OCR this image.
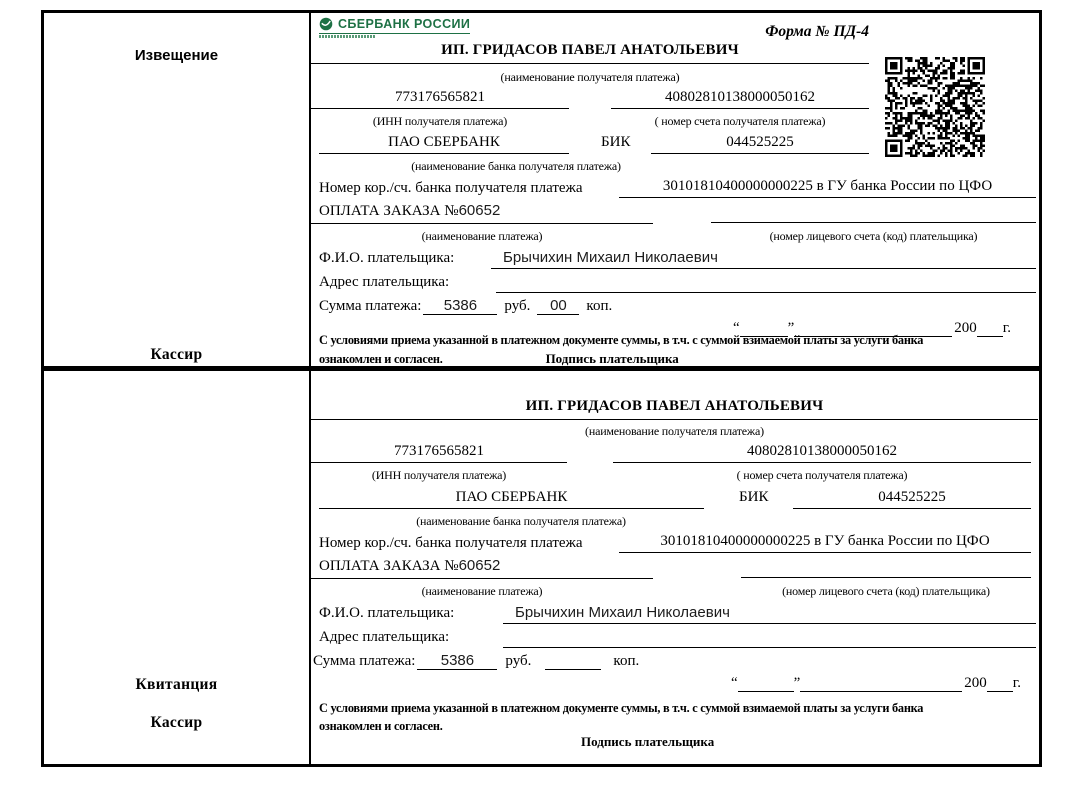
Извещение
Кассир
СБЕРБАНК РОССИИ	Форма № ПД-4
ИП. ГРИДАСОВ ПАВЕЛ АНАТОЛЬЕВИЧ
(наименование получателя платежа)
773176565821	40802810138000050162
(ИНН получателя платежа)	( номер счета получателя платежа)
ПАО СБЕРБАНК	БИК	044525225
(наименование банка получателя платежа)
Номер кор./сч. банка получателя платежа	30101810400000000225 в ГУ банка России по ЦФО
ОПЛАТА ЗАКАЗА №60652
(наименование платежа)	(номер лицевого счета (код) плательщика)
Ф.И.О. плательщика:	Брычихин Михаил Николаевич
Адрес плательщика:
Сумма платежа:	5386	руб.	00	коп.
“	”	200 г.
С условиями приема указанной в платежном документе суммы, в т.ч. с суммой взимаемой платы за услуги банка
ознакомлен и согласен.	Подпись плательщика
Квитанция
Кассир
ИП. ГРИДАСОВ ПАВЕЛ АНАТОЛЬЕВИЧ
(наименование получателя платежа)
773176565821	40802810138000050162
(ИНН получателя платежа)	( номер счета получателя платежа)
ПАО СБЕРБАНК	БИК	044525225
(наименование банка получателя платежа)
Номер кор./сч. банка получателя платежа	30101810400000000225 в ГУ банка России по ЦФО
ОПЛАТА ЗАКАЗА №60652
(наименование платежа)	(номер лицевого счета (код) плательщика)
Ф.И.О. плательщика:	Брычихин Михаил Николаевич
Адрес плательщика:
Сумма платежа:	5386	руб.	коп.
“	”	200 г.
С условиями приема указанной в платежном документе суммы, в т.ч. с суммой взимаемой платы за услуги банка
ознакомлен и согласен.
Подпись плательщика
